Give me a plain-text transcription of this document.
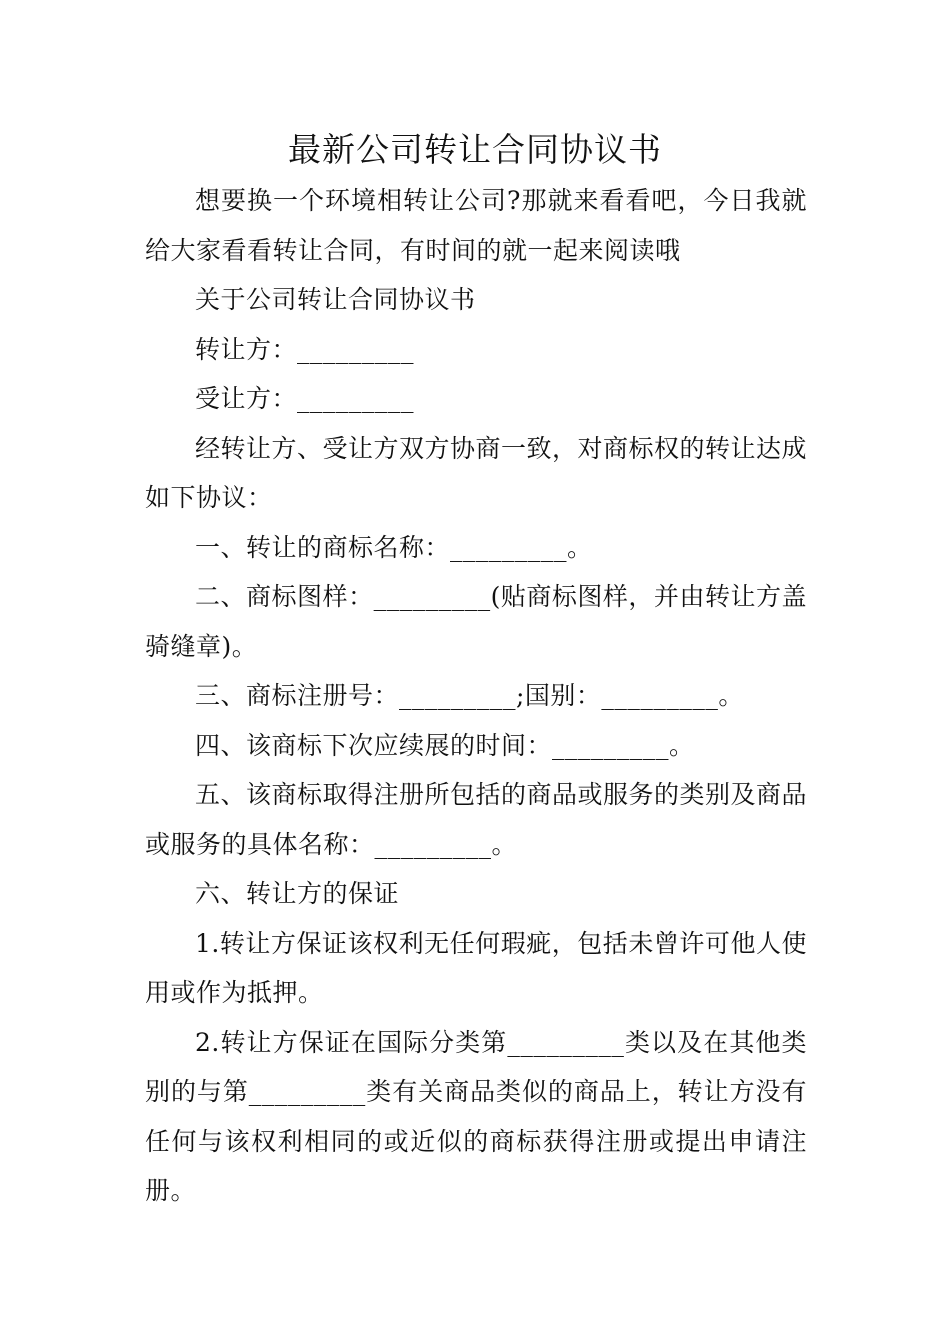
最新公司转让合同协议书

想要换一个环境相转让公司?那就来看看吧，今日我就给大家看看转让合同，有时间的就一起来阅读哦

关于公司转让合同协议书

转让方：_________

受让方：_________

经转让方、受让方双方协商一致，对商标权的转让达成如下协议：

一、转让的商标名称：_________。

二、商标图样：_________(贴商标图样，并由转让方盖骑缝章)。

三、商标注册号：_________;国别：_________。

四、该商标下次应续展的时间：_________。

五、该商标取得注册所包括的商品或服务的类别及商品或服务的具体名称：_________。

六、转让方的保证

1.转让方保证该权利无任何瑕疵，包括未曾许可他人使用或作为抵押。

2.转让方保证在国际分类第_________类以及在其他类别的与第_________类有关商品类似的商品上，转让方没有任何与该权利相同的或近似的商标获得注册或提出申请注册。
